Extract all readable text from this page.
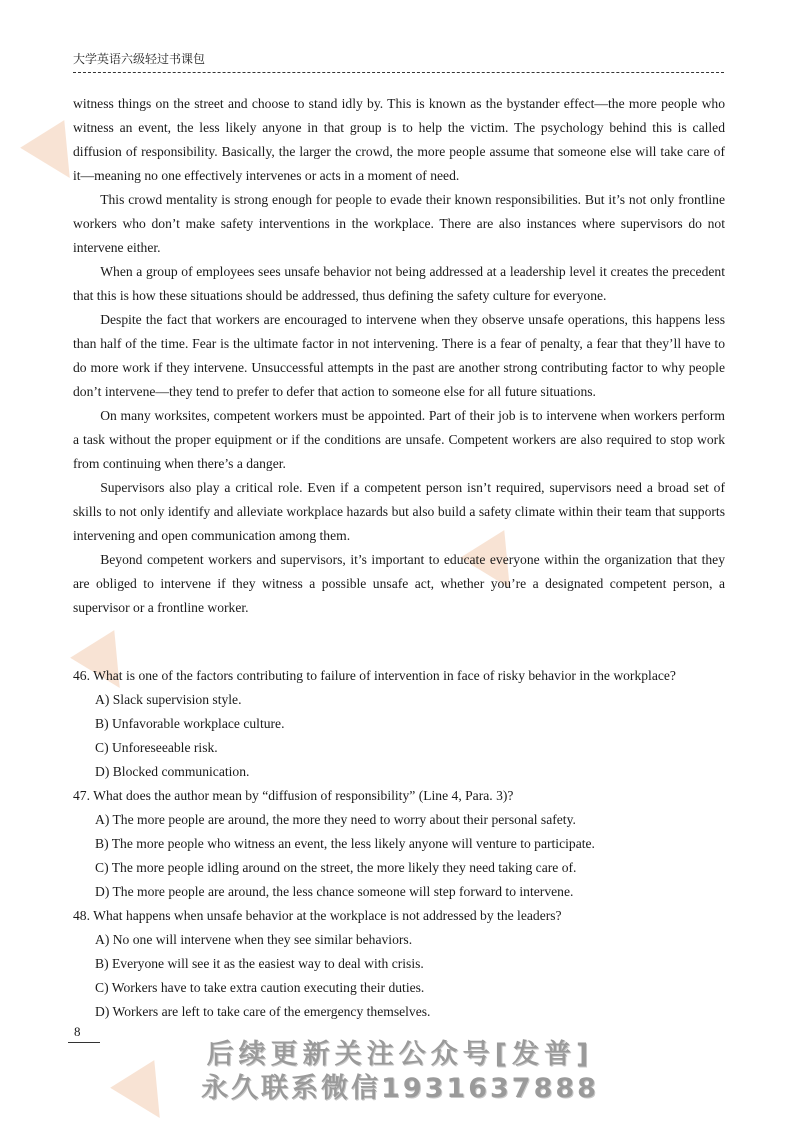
大学英语六级轻过书课包

witness things on the street and choose to stand idly by. This is known as the bystander effect—the more people who witness an event, the less likely anyone in that group is to help the victim. The psychology behind this is called diffusion of responsibility. Basically, the larger the crowd, the more people assume that someone else will take care of it—meaning no one effectively intervenes or acts in a moment of need.

This crowd mentality is strong enough for people to evade their known responsibilities. But it’s not only frontline workers who don’t make safety interventions in the workplace. There are also instances where supervisors do not intervene either.

When a group of employees sees unsafe behavior not being addressed at a leadership level it creates the precedent that this is how these situations should be addressed, thus defining the safety culture for everyone.

Despite the fact that workers are encouraged to intervene when they observe unsafe operations, this happens less than half of the time. Fear is the ultimate factor in not intervening. There is a fear of penalty, a fear that they’ll have to do more work if they intervene. Unsuccessful attempts in the past are another strong contributing factor to why people don’t intervene—they tend to prefer to defer that action to someone else for all future situations.

On many worksites, competent workers must be appointed. Part of their job is to intervene when workers perform a task without the proper equipment or if the conditions are unsafe. Competent workers are also required to stop work from continuing when there’s a danger.

Supervisors also play a critical role. Even if a competent person isn’t required, supervisors need a broad set of skills to not only identify and alleviate workplace hazards but also build a safety climate within their team that supports intervening and open communication among them.

Beyond competent workers and supervisors, it’s important to educate everyone within the organization that they are obliged to intervene if they witness a possible unsafe act, whether you’re a designated competent person, a supervisor or a frontline worker.

46. What is one of the factors contributing to failure of intervention in face of risky behavior in the workplace?

A) Slack supervision style.

B) Unfavorable workplace culture.

C) Unforeseeable risk.

D) Blocked communication.

47. What does the author mean by “diffusion of responsibility” (Line 4, Para. 3)?

A) The more people are around, the more they need to worry about their personal safety.

B) The more people who witness an event, the less likely anyone will venture to participate.

C) The more people idling around on the street, the more likely they need taking care of.

D) The more people are around, the less chance someone will step forward to intervene.

48. What happens when unsafe behavior at the workplace is not addressed by the leaders?

A) No one will intervene when they see similar behaviors.

B) Everyone will see it as the easiest way to deal with crisis.

C) Workers have to take extra caution executing their duties.

D) Workers are left to take care of the emergency themselves.

8
后续更新关注公众号[发普]
永久联系微信1931637888
